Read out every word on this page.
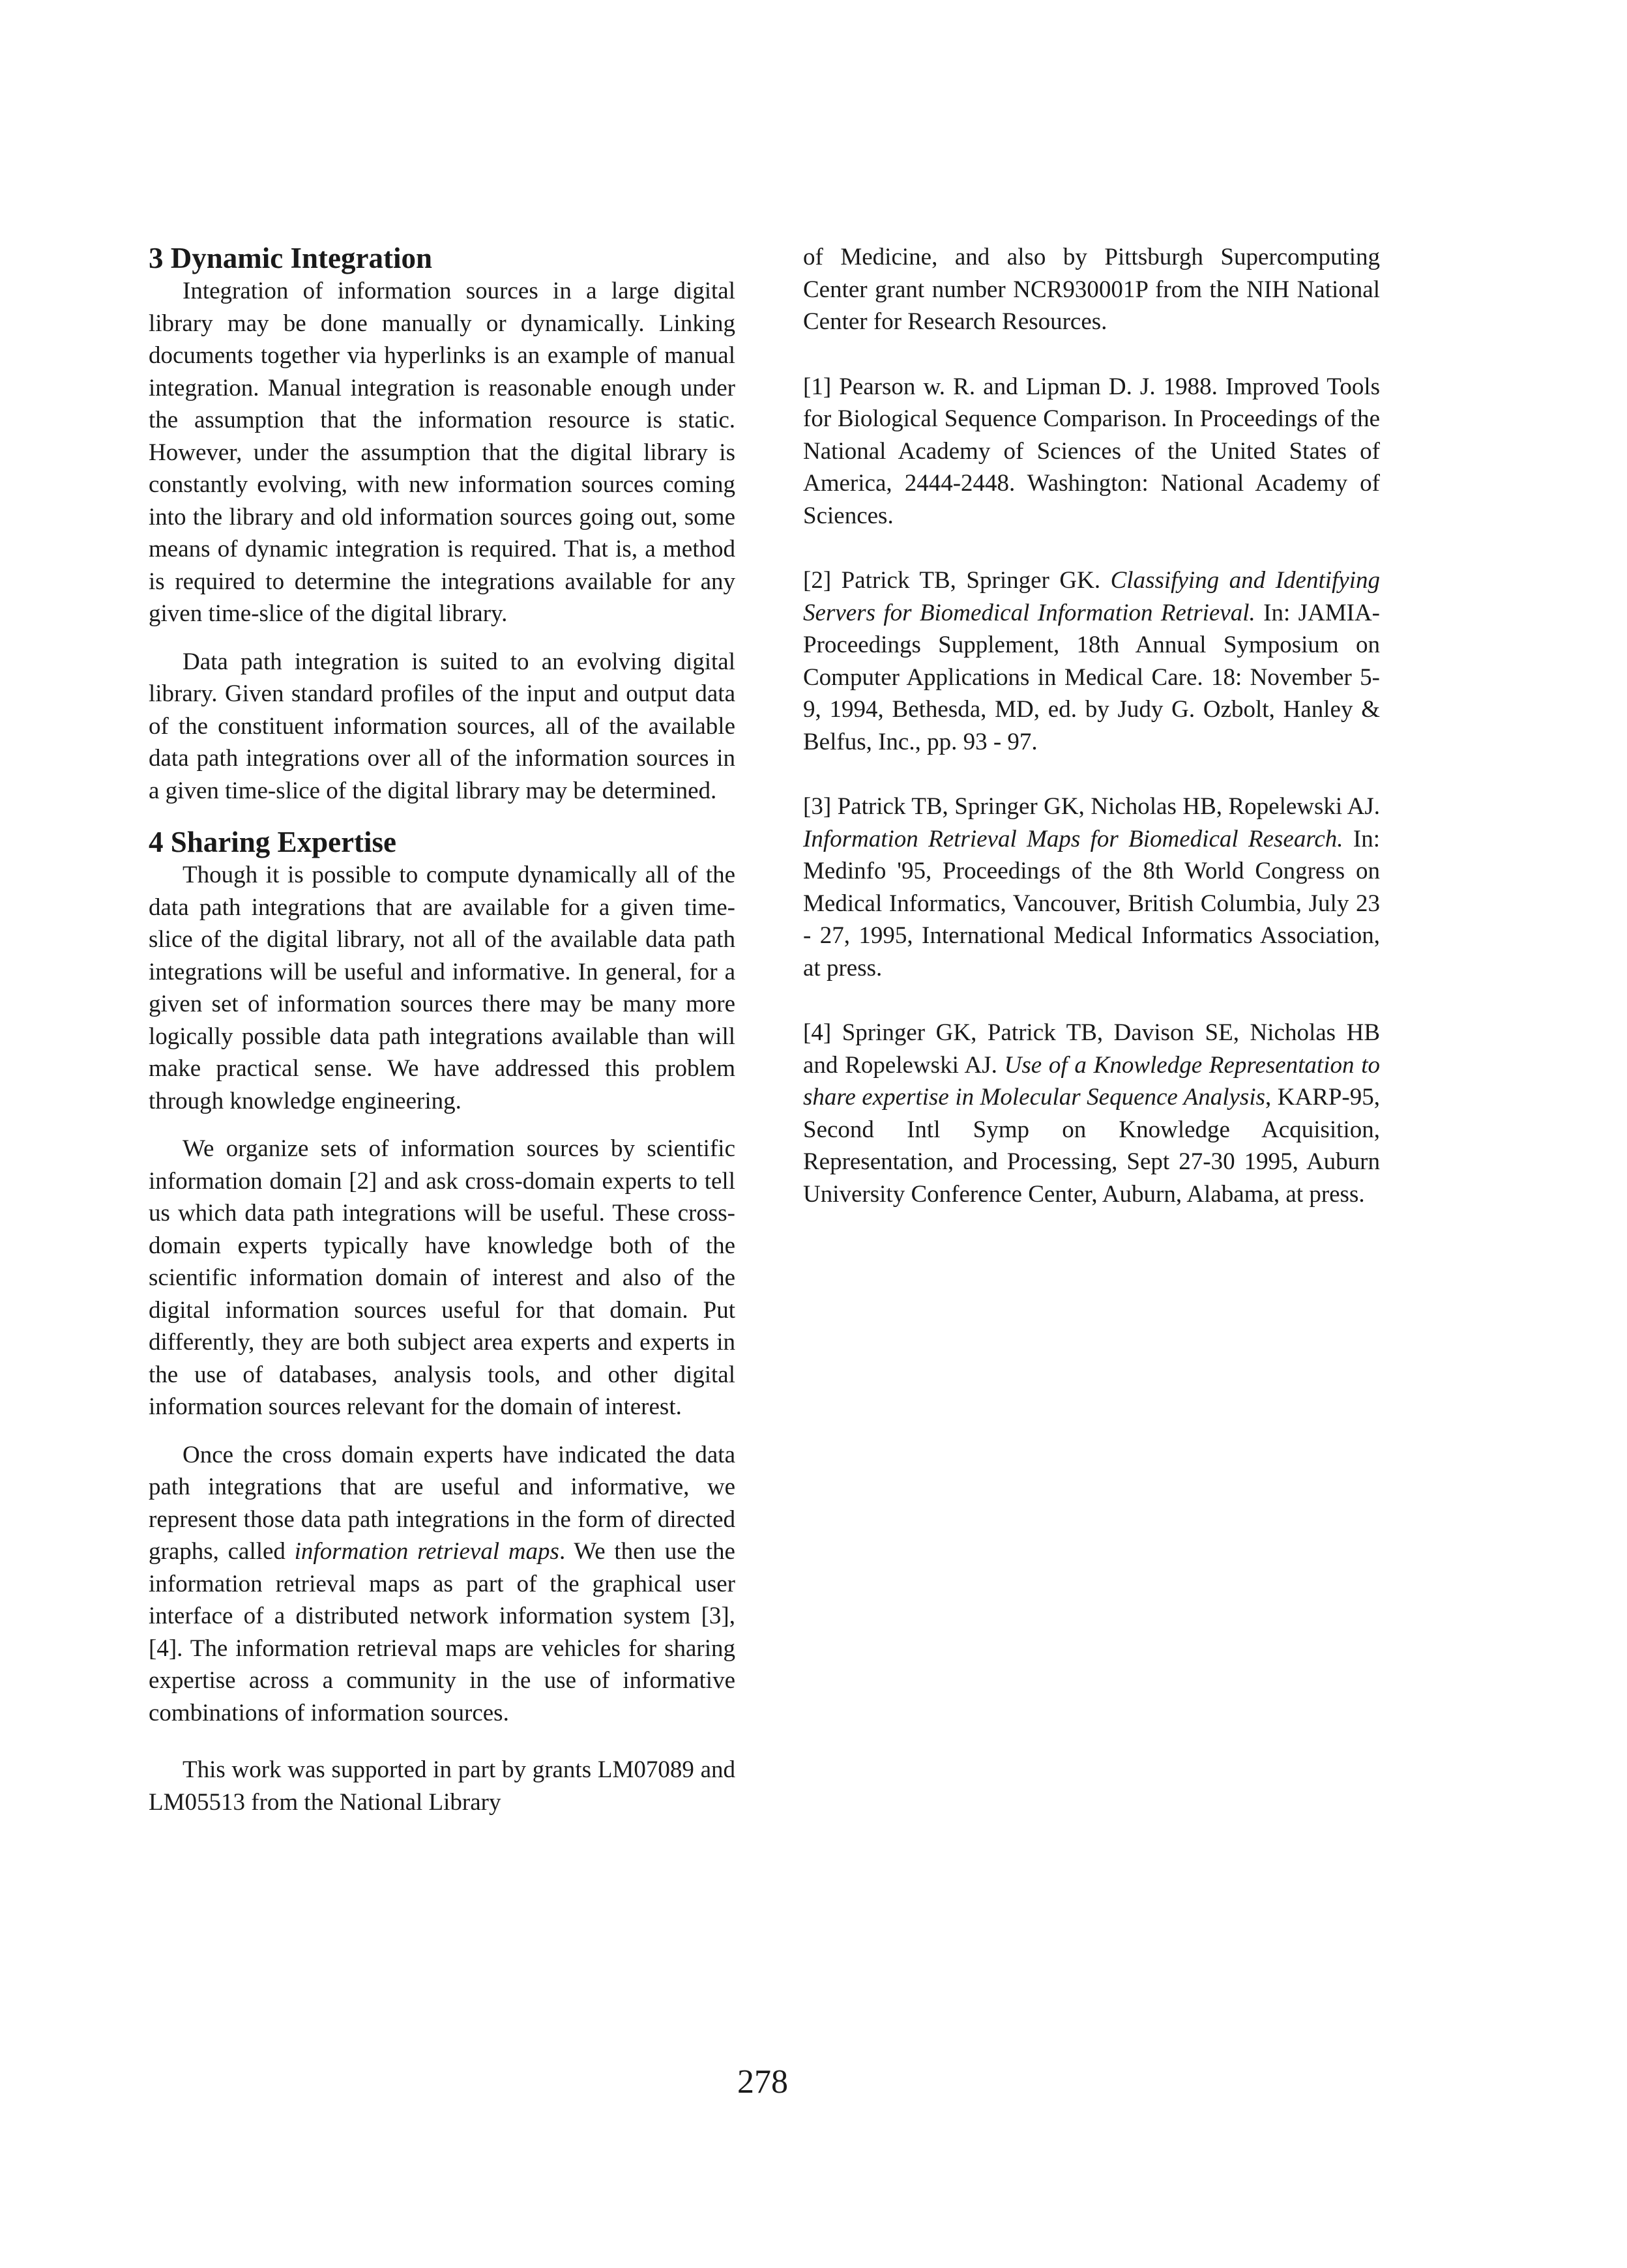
3 Dynamic Integration

Integration of information sources in a large digital library may be done manually or dynamically. Linking documents together via hyperlinks is an example of manual integration. Manual integration is reasonable enough under the assumption that the information resource is static. However, under the assumption that the digital library is constantly evolving, with new information sources coming into the library and old information sources going out, some means of dynamic integration is required. That is, a method is required to determine the integrations available for any given time-slice of the digital library.

Data path integration is suited to an evolving digital library. Given standard profiles of the input and output data of the constituent information sources, all of the available data path integrations over all of the information sources in a given time-slice of the digital library may be determined.

4 Sharing Expertise

Though it is possible to compute dynamically all of the data path integrations that are available for a given time-slice of the digital library, not all of the available data path integrations will be useful and informative. In general, for a given set of information sources there may be many more logically possible data path integrations available than will make practical sense. We have addressed this problem through knowledge engineering.

We organize sets of information sources by scientific information domain [2] and ask cross-domain experts to tell us which data path integrations will be useful. These cross-domain experts typically have knowledge both of the scientific information domain of interest and also of the digital information sources useful for that domain. Put differently, they are both subject area experts and experts in the use of databases, analysis tools, and other digital information sources relevant for the domain of interest.

Once the cross domain experts have indicated the data path integrations that are useful and informative, we represent those data path integrations in the form of directed graphs, called information retrieval maps. We then use the information retrieval maps as part of the graphical user interface of a distributed network information system [3],[4]. The information retrieval maps are vehicles for sharing expertise across a community in the use of informative combinations of information sources.

This work was supported in part by grants LM07089 and LM05513 from the National Library

of Medicine, and also by Pittsburgh Supercomputing Center grant number NCR930001P from the NIH National Center for Research Resources.

[1] Pearson w. R. and Lipman D. J. 1988. Improved Tools for Biological Sequence Comparison. In Proceedings of the National Academy of Sciences of the United States of America, 2444-2448. Washington: National Academy of Sciences.

[2] Patrick TB, Springer GK. Classifying and Identifying Servers for Biomedical Information Retrieval. In: JAMIA-Proceedings Supplement, 18th Annual Symposium on Computer Applications in Medical Care. 18: November 5-9, 1994, Bethesda, MD, ed. by Judy G. Ozbolt, Hanley & Belfus, Inc., pp. 93 - 97.

[3] Patrick TB, Springer GK, Nicholas HB, Ropelewski AJ. Information Retrieval Maps for Biomedical Research. In: Medinfo '95, Proceedings of the 8th World Congress on Medical Informatics, Vancouver, British Columbia, July 23 - 27, 1995, International Medical Informatics Association, at press.

[4] Springer GK, Patrick TB, Davison SE, Nicholas HB and Ropelewski AJ. Use of a Knowledge Representation to share expertise in Molecular Sequence Analysis, KARP-95, Second Intl Symp on Knowledge Acquisition, Representation, and Processing, Sept 27-30 1995, Auburn University Conference Center, Auburn, Alabama, at press.

278
